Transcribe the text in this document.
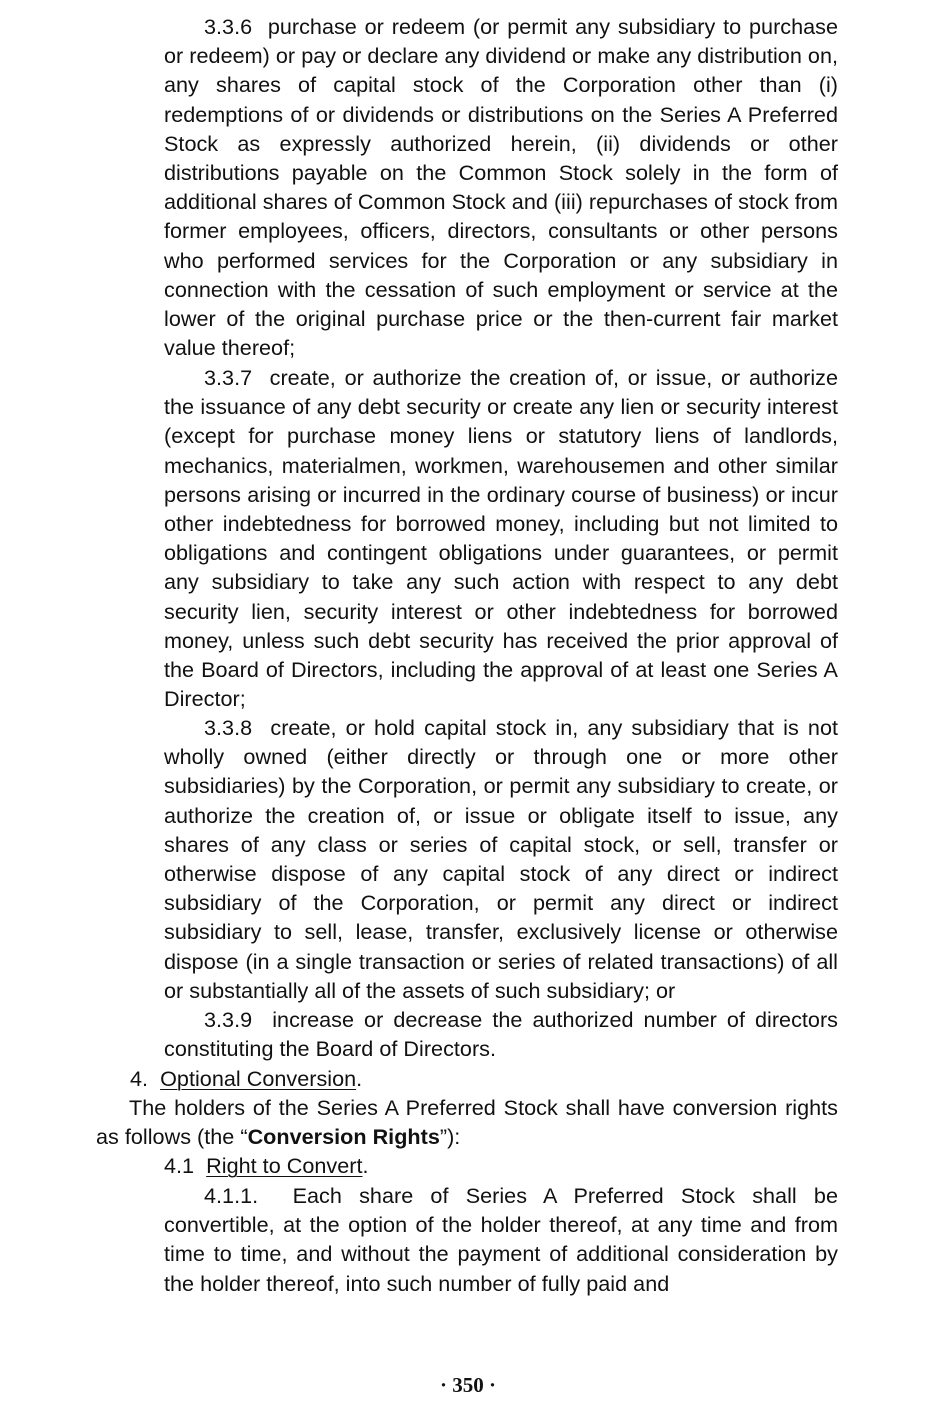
3.3.6 purchase or redeem (or permit any subsidiary to purchase or redeem) or pay or declare any dividend or make any distribution on, any shares of capital stock of the Corporation other than (i) redemptions of or dividends or distributions on the Series A Preferred Stock as expressly authorized herein, (ii) dividends or other distributions payable on the Common Stock solely in the form of additional shares of Common Stock and (iii) repurchases of stock from former employees, officers, directors, consultants or other persons who performed services for the Corporation or any subsidiary in connection with the cessation of such employment or service at the lower of the original purchase price or the then-current fair market value thereof;

3.3.7 create, or authorize the creation of, or issue, or authorize the issuance of any debt security or create any lien or security interest (except for purchase money liens or statutory liens of landlords, mechanics, materialmen, workmen, warehousemen and other similar persons arising or incurred in the ordinary course of business) or incur other indebtedness for borrowed money, including but not limited to obligations and contingent obligations under guarantees, or permit any subsidiary to take any such action with respect to any debt security lien, security interest or other indebtedness for borrowed money, unless such debt security has received the prior approval of the Board of Directors, including the approval of at least one Series A Director;

3.3.8 create, or hold capital stock in, any subsidiary that is not wholly owned (either directly or through one or more other subsidiaries) by the Corporation, or permit any subsidiary to create, or authorize the creation of, or issue or obligate itself to issue, any shares of any class or series of capital stock, or sell, transfer or otherwise dispose of any capital stock of any direct or indirect subsidiary of the Corporation, or permit any direct or indirect subsidiary to sell, lease, transfer, exclusively license or otherwise dispose (in a single transaction or series of related transactions) of all or substantially all of the assets of such subsidiary; or

3.3.9 increase or decrease the authorized number of directors constituting the Board of Directors.

4. Optional Conversion.

The holders of the Series A Preferred Stock shall have conversion rights as follows (the “Conversion Rights”):

4.1 Right to Convert.

4.1.1. Each share of Series A Preferred Stock shall be convertible, at the option of the holder thereof, at any time and from time to time, and without the payment of additional consideration by the holder thereof, into such number of fully paid and

· 350 ·
